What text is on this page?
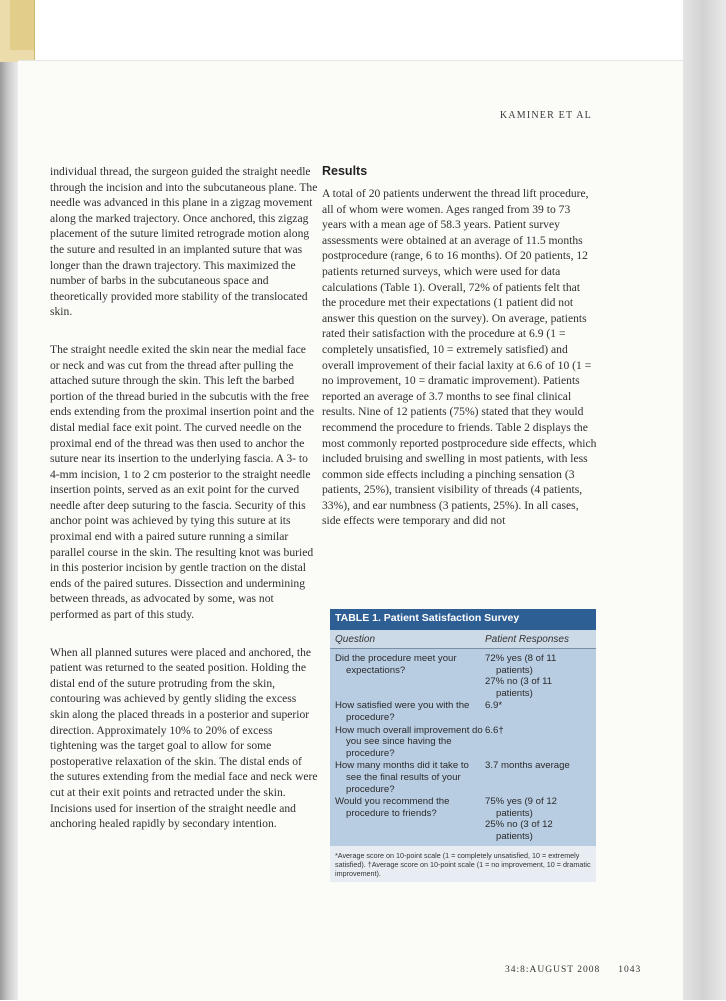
KAMINER ET AL

individual thread, the surgeon guided the straight needle through the incision and into the subcutaneous plane. The needle was advanced in this plane in a zigzag movement along the marked trajectory. Once anchored, this zigzag placement of the suture limited retrograde motion along the suture and resulted in an implanted suture that was longer than the drawn trajectory. This maximized the number of barbs in the subcutaneous space and theoretically provided more stability of the translocated skin.

The straight needle exited the skin near the medial face or neck and was cut from the thread after pulling the attached suture through the skin. This left the barbed portion of the thread buried in the subcutis with the free ends extending from the proximal insertion point and the distal medial face exit point. The curved needle on the proximal end of the thread was then used to anchor the suture near its insertion to the underlying fascia. A 3- to 4-mm incision, 1 to 2 cm posterior to the straight needle insertion points, served as an exit point for the curved needle after deep suturing to the fascia. Security of this anchor point was achieved by tying this suture at its proximal end with a paired suture running a similar parallel course in the skin. The resulting knot was buried in this posterior incision by gentle traction on the distal ends of the paired sutures. Dissection and undermining between threads, as advocated by some, was not performed as part of this study.

When all planned sutures were placed and anchored, the patient was returned to the seated position. Holding the distal end of the suture protruding from the skin, contouring was achieved by gently sliding the excess skin along the placed threads in a posterior and superior direction. Approximately 10% to 20% of excess tightening was the target goal to allow for some postoperative relaxation of the skin. The distal ends of the sutures extending from the medial face and neck were cut at their exit points and retracted under the skin. Incisions used for insertion of the straight needle and anchoring healed rapidly by secondary intention.

Results

A total of 20 patients underwent the thread lift procedure, all of whom were women. Ages ranged from 39 to 73 years with a mean age of 58.3 years. Patient survey assessments were obtained at an average of 11.5 months postprocedure (range, 6 to 16 months). Of 20 patients, 12 patients returned surveys, which were used for data calculations (Table 1). Overall, 72% of patients felt that the procedure met their expectations (1 patient did not answer this question on the survey). On average, patients rated their satisfaction with the procedure at 6.9 (1 = completely unsatisfied, 10 = extremely satisfied) and overall improvement of their facial laxity at 6.6 of 10 (1 = no improvement, 10 = dramatic improvement). Patients reported an average of 3.7 months to see final clinical results. Nine of 12 patients (75%) stated that they would recommend the procedure to friends. Table 2 displays the most commonly reported postprocedure side effects, which included bruising and swelling in most patients, with less common side effects including a pinching sensation (3 patients, 25%), transient visibility of threads (4 patients, 33%), and ear numbness (3 patients, 25%). In all cases, side effects were temporary and did not

TABLE 1. Patient Satisfaction Survey
Question	Patient Responses
Did the procedure meet your expectations?
72% yes (8 of 11 patients)
27% no (3 of 11 patients)
How satisfied were you with the procedure?
6.9*
How much overall improvement do you see since having the procedure?
6.6†
How many months did it take to see the final results of your procedure?
3.7 months average
Would you recommend the procedure to friends?
75% yes (9 of 12 patients)
25% no (3 of 12 patients)
*Average score on 10-point scale (1 = completely unsatisfied, 10 = extremely satisfied). †Average score on 10-point scale (1 = no improvement, 10 = dramatic improvement).
34:8:AUGUST 2008 1043
